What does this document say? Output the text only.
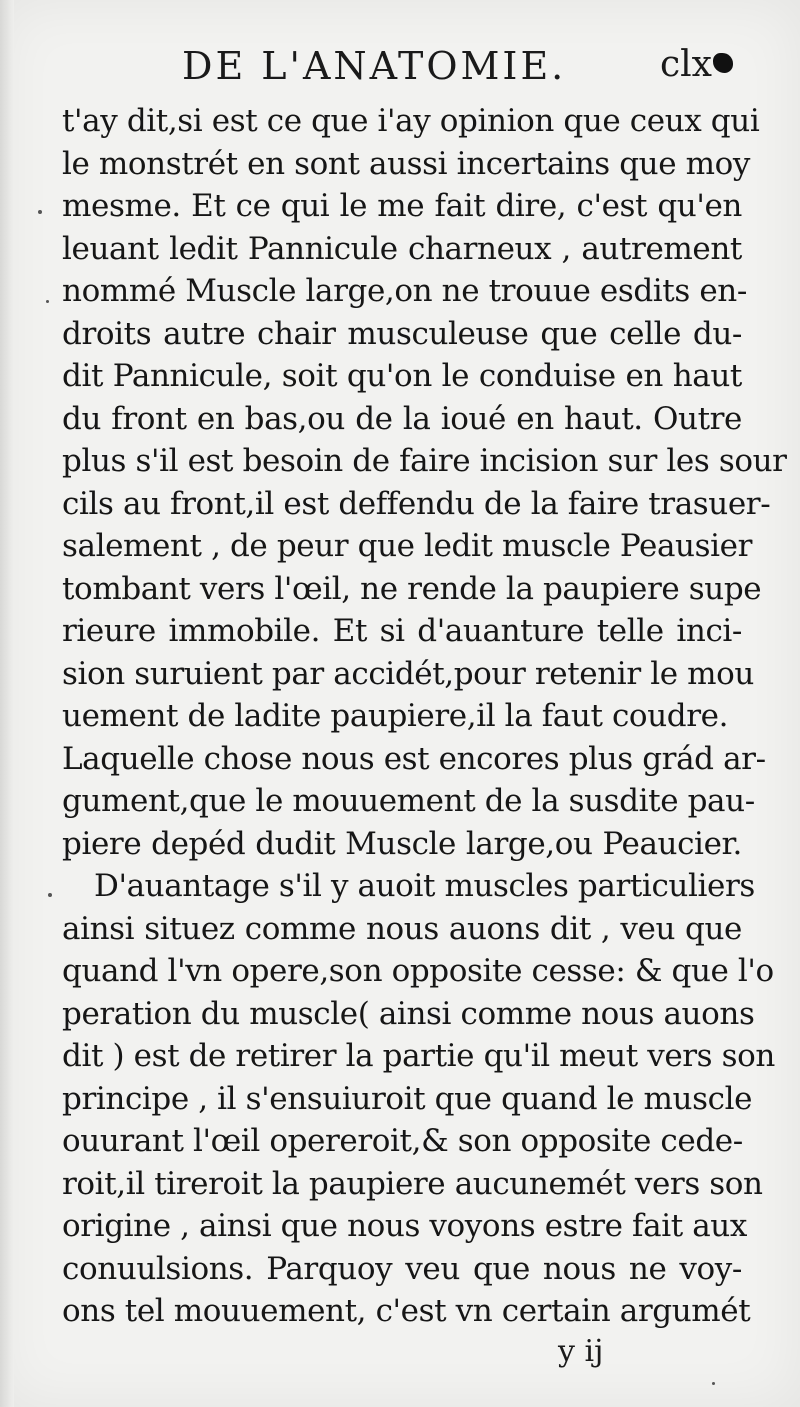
DE L'ANATOMIE.	clx
t'ay dit,si est ce que i'ay opinion que ceux qui
le monstrét en sont aussi incertains que moy
mesme. Et ce qui le me fait dire, c'est qu'en
leuant ledit Pannicule charneux , autrement
nommé Muscle large,on ne trouue esdits en-
droits autre chair musculeuse que celle du-
dit Pannicule, soit qu'on le conduise en haut
du front en bas,ou de la ioué en haut. Outre
plus s'il est besoin de faire incision sur les sour
cils au front,il est deffendu de la faire trasuer-
salement , de peur que ledit muscle Peausier
tombant vers l'œil, ne rende la paupiere supe
rieure immobile. Et si d'auanture telle inci-
sion suruient par accidét,pour retenir le mou
uement de ladite paupiere,il la faut coudre.
Laquelle chose nous est encores plus grád ar-
gument,que le mouuement de la susdite pau-
piere depéd dudit Muscle large,ou Peaucier.
D'auantage s'il y auoit muscles particuliers
ainsi situez comme nous auons dit , veu que
quand l'vn opere,son opposite cesse: & que l'o
peration du muscle( ainsi comme nous auons
dit ) est de retirer la partie qu'il meut vers son
principe , il s'ensuiuroit que quand le muscle
ouurant l'œil opereroit,& son opposite cede-
roit,il tireroit la paupiere aucunemét vers son
origine , ainsi que nous voyons estre fait aux
conuulsions. Parquoy veu que nous ne voy-
ons tel mouuement, c'est vn certain argumét
y ij
